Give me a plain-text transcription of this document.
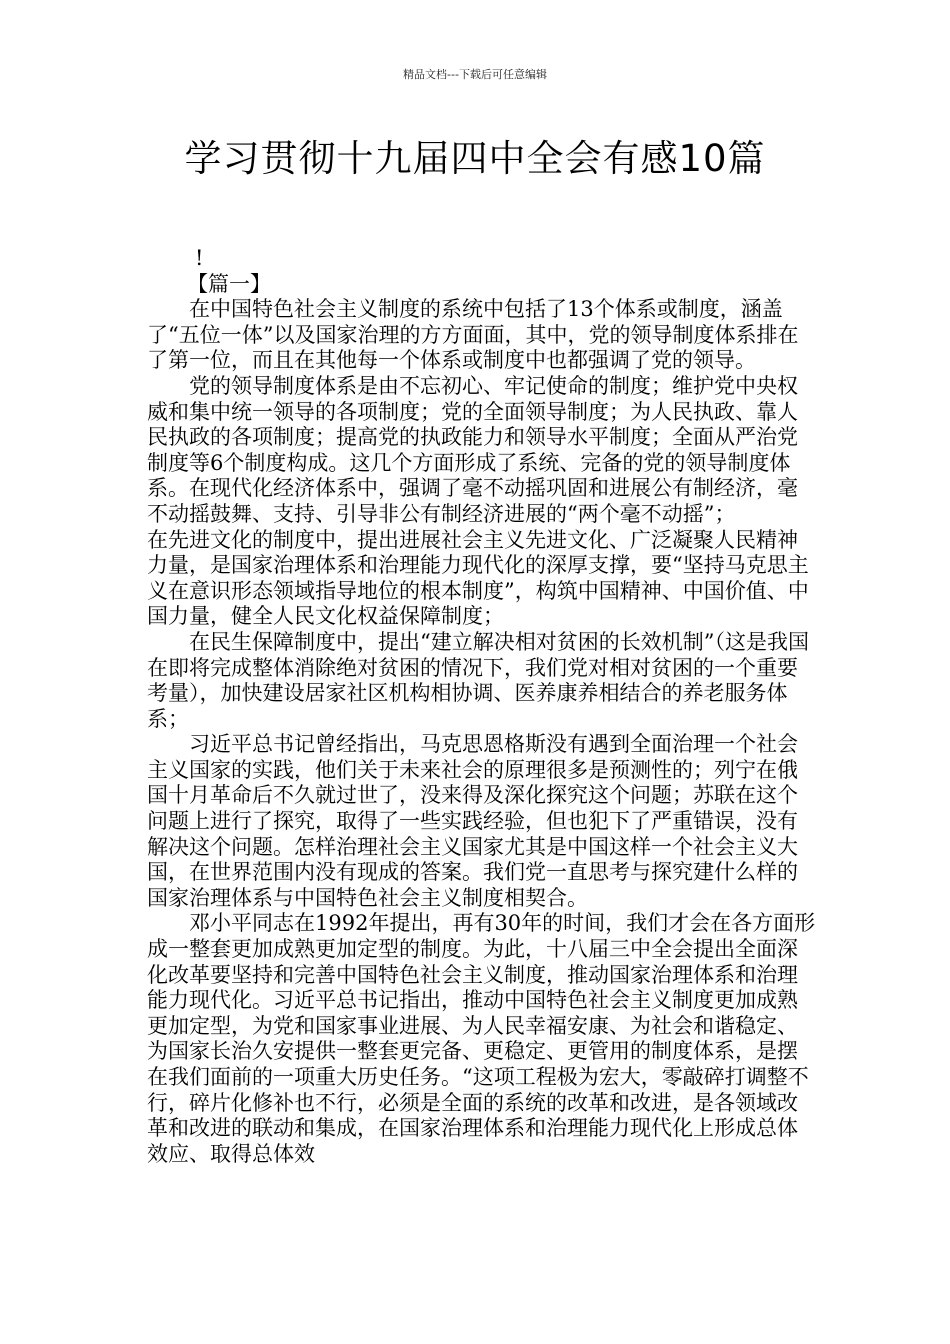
精品文档---下载后可任意编辑
学习贯彻十九届四中全会有感10篇

!

【篇一】

在中国特色社会主义制度的系统中包括了13个体系或制度，涵盖了“五位一体”以及国家治理的方方面面，其中，党的领导制度体系排在了第一位，而且在其他每一个体系或制度中也都强调了党的领导。

党的领导制度体系是由不忘初心、牢记使命的制度；维护党中央权威和集中统一领导的各项制度；党的全面领导制度；为人民执政、靠人民执政的各项制度；提高党的执政能力和领导水平制度；全面从严治党制度等6个制度构成。这几个方面形成了系统、完备的党的领导制度体系。在现代化经济体系中，强调了毫不动摇巩固和进展公有制经济，毫不动摇鼓舞、支持、引导非公有制经济进展的“两个毫不动摇”；在先进文化的制度中，提出进展社会主义先进文化、广泛凝聚人民精神力量，是国家治理体系和治理能力现代化的深厚支撑，要“坚持马克思主义在意识形态领域指导地位的根本制度”，构筑中国精神、中国价值、中国力量，健全人民文化权益保障制度；

在民生保障制度中，提出“建立解决相对贫困的长效机制”（这是我国在即将完成整体消除绝对贫困的情况下，我们党对相对贫困的一个重要考量），加快建设居家社区机构相协调、医养康养相结合的养老服务体系；

习近平总书记曾经指出，马克思恩格斯没有遇到全面治理一个社会主义国家的实践，他们关于未来社会的原理很多是预测性的；列宁在俄国十月革命后不久就过世了，没来得及深化探究这个问题；苏联在这个问题上进行了探究，取得了一些实践经验，但也犯下了严重错误，没有解决这个问题。怎样治理社会主义国家尤其是中国这样一个社会主义大国，在世界范围内没有现成的答案。我们党一直思考与探究建什么样的国家治理体系与中国特色社会主义制度相契合。

邓小平同志在1992年提出，再有30年的时间，我们才会在各方面形成一整套更加成熟更加定型的制度。为此，十八届三中全会提出全面深化改革要坚持和完善中国特色社会主义制度，推动国家治理体系和治理能力现代化。习近平总书记指出，推动中国特色社会主义制度更加成熟更加定型，为党和国家事业进展、为人民幸福安康、为社会和谐稳定、为国家长治久安提供一整套更完备、更稳定、更管用的制度体系，是摆在我们面前的一项重大历史任务。“这项工程极为宏大，零敲碎打调整不行，碎片化修补也不行，必须是全面的系统的改革和改进，是各领域改革和改进的联动和集成，在国家治理体系和治理能力现代化上形成总体效应、取得总体效
